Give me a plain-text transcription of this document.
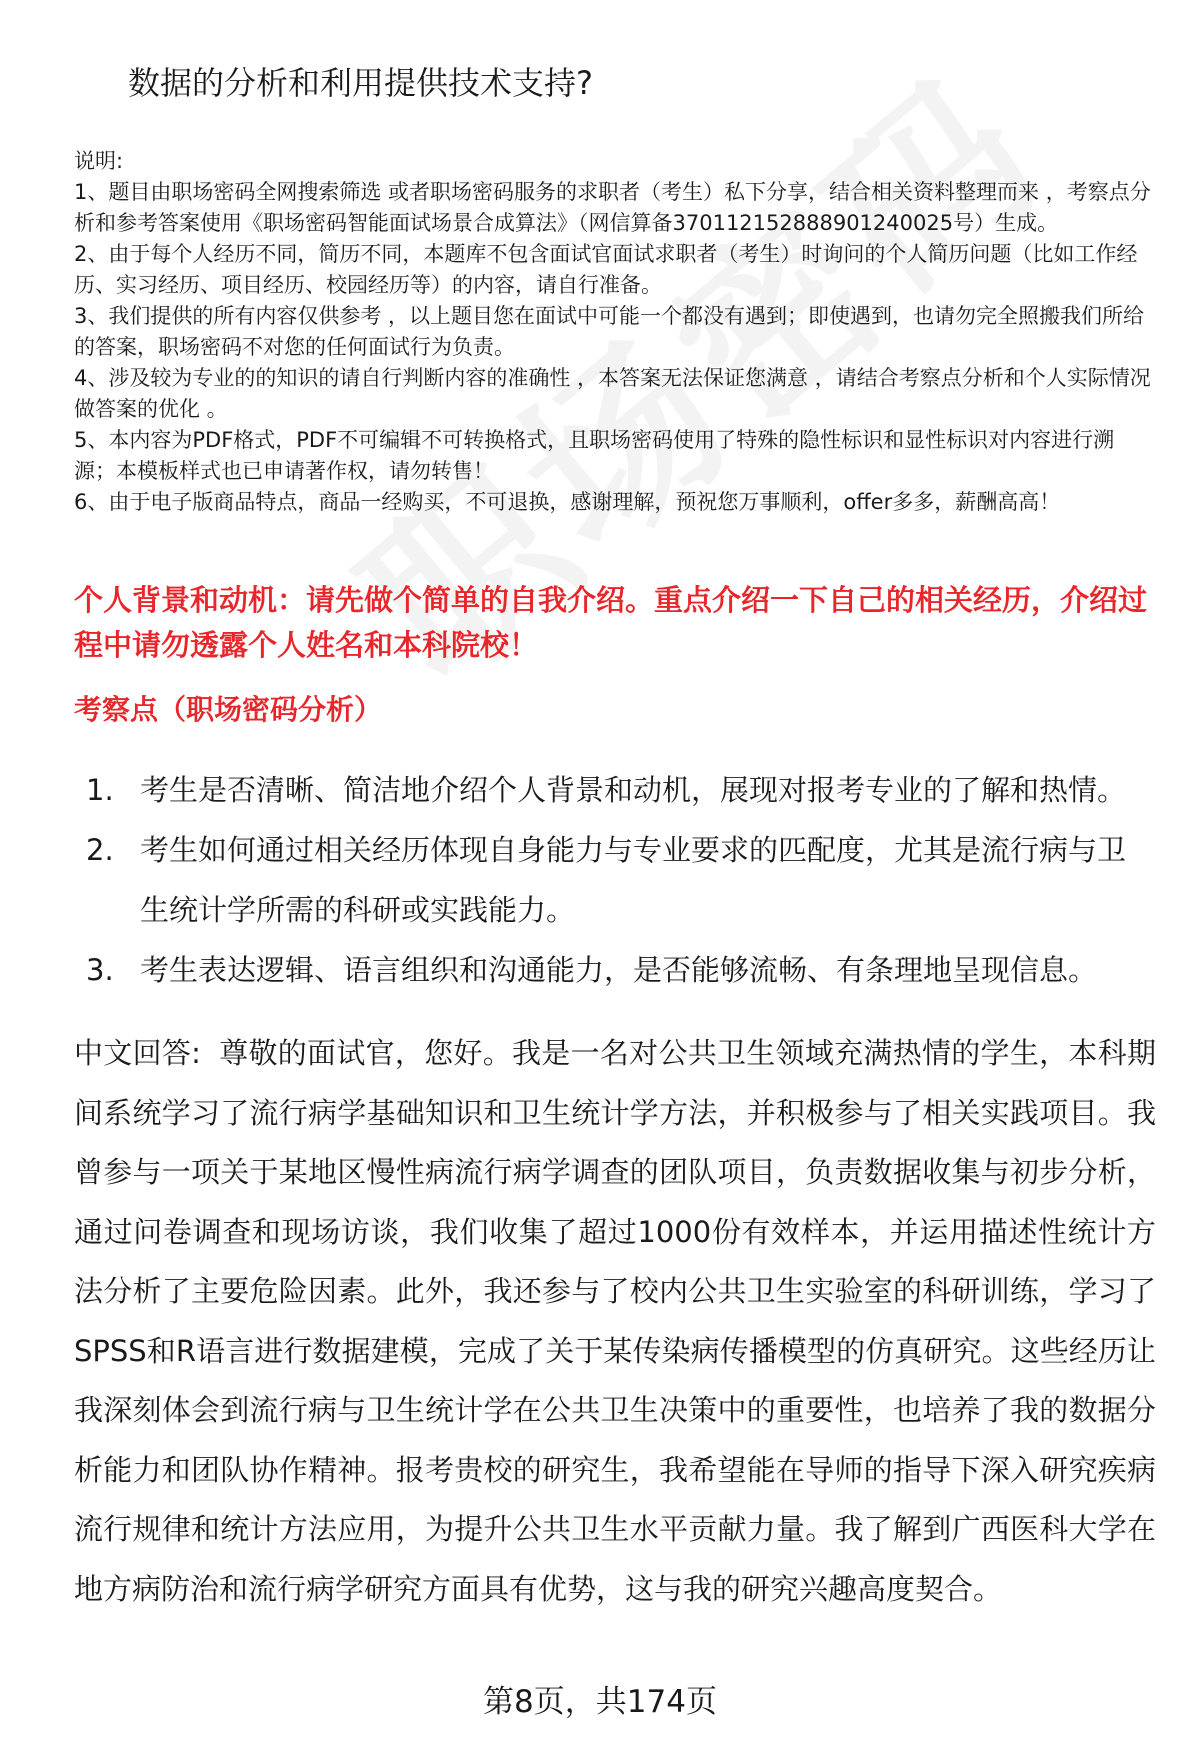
数据的分析和利用提供技术支持?

说明:

1、题目由职场密码全网搜索筛选 或者职场密码服务的求职者（考生）私下分享，结合相关资料整理而来 ，考察点分析和参考答案使用《职场密码智能面试场景合成算法》（网信算备370112152888901240025号）生成。

2、由于每个人经历不同，简历不同，本题库不包含面试官面试求职者（考生）时询问的个人简历问题（比如工作经历、实习经历、项目经历、校园经历等）的内容，请自行准备。

3、我们提供的所有内容仅供参考 ，以上题目您在面试中可能一个都没有遇到；即使遇到，也请勿完全照搬我们所给的答案，职场密码不对您的任何面试行为负责。

4、涉及较为专业的的知识的请自行判断内容的准确性 ，本答案无法保证您满意 ，请结合考察点分析和个人实际情况做答案的优化 。

5、本内容为PDF格式，PDF不可编辑不可转换格式，且职场密码使用了特殊的隐性标识和显性标识对内容进行溯源；本模板样式也已申请著作权，请勿转售！

6、由于电子版商品特点，商品一经购买，不可退换，感谢理解，预祝您万事顺利，offer多多，薪酬高高！

个人背景和动机：请先做个简单的自我介绍。重点介绍一下自己的相关经历，介绍过程中请勿透露个人姓名和本科院校！
考察点（职场密码分析）
1. 考生是否清晰、简洁地介绍个人背景和动机，展现对报考专业的了解和热情。
2. 考生如何通过相关经历体现自身能力与专业要求的匹配度，尤其是流行病与卫生统计学所需的科研或实践能力。
3. 考生表达逻辑、语言组织和沟通能力，是否能够流畅、有条理地呈现信息。
中文回答: 尊敬的面试官，您好。我是一名对公共卫生领域充满热情的学生，本科期间系统学习了流行病学基础知识和卫生统计学方法，并积极参与了相关实践项目。我曾参与一项关于某地区慢性病流行病学调查的团队项目，负责数据收集与初步分析，通过问卷调查和现场访谈，我们收集了超过1000份有效样本，并运用描述性统计方法分析了主要危险因素。此外，我还参与了校内公共卫生实验室的科研训练，学习了SPSS和R语言进行数据建模，完成了关于某传染病传播模型的仿真研究。这些经历让我深刻体会到流行病与卫生统计学在公共卫生决策中的重要性，也培养了我的数据分析能力和团队协作精神。报考贵校的研究生，我希望能在导师的指导下深入研究疾病流行规律和统计方法应用，为提升公共卫生水平贡献力量。我了解到广西医科大学在地方病防治和流行病学研究方面具有优势，这与我的研究兴趣高度契合。
第8页，共174页
